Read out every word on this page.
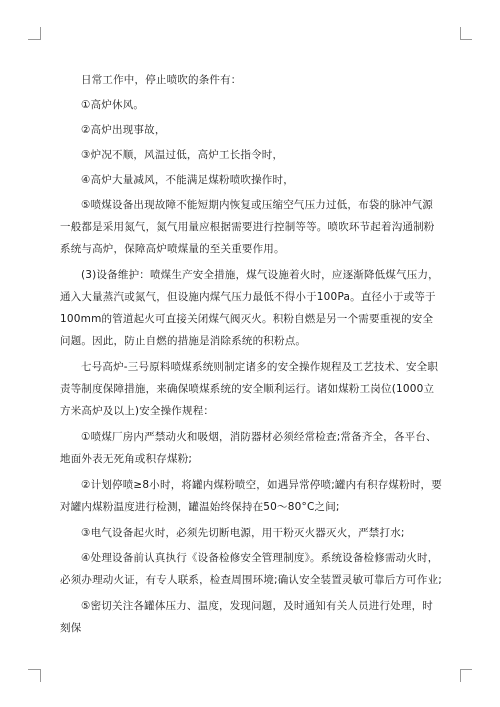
日常工作中，停止喷吹的条件有：

①高炉休风。

②高炉出现事故，

③炉况不顺，风温过低，高炉工长指令时，

④高炉大量减风，不能满足煤粉喷吹操作时，

⑤喷煤设备出现故障不能短期内恢复或压缩空气压力过低，布袋的脉冲气源一般都是采用氮气，氮气用量应根据需要进行控制等等。喷吹环节起着沟通制粉系统与高炉，保障高炉喷煤量的至关重要作用。

(3)设备维护：喷煤生产安全措施，煤气设施着火时，应逐渐降低煤气压力，通入大量蒸汽或氮气，但设施内煤气压力最低不得小于100Pa。直径小于或等于100mm的管道起火可直接关闭煤气阀灭火。积粉自燃是另一个需要重视的安全问题。因此，防止自燃的措施是消除系统的积粉点。

七号高炉-三号原料喷煤系统则制定诸多的安全操作规程及工艺技术、安全职责等制度保障措施，来确保喷煤系统的安全顺利运行。诸如煤粉工岗位(1000立方米高炉及以上)安全操作规程：

①喷煤厂房内严禁动火和吸烟，消防器材必须经常检查;常备齐全，各平台、地面外表无死角或积存煤粉;

②计划停喷≥8小时，将罐内煤粉喷空，如遇异常停喷;罐内有积存煤粉时，要对罐内煤粉温度进行检测，罐温始终保持在50～80°C之间;

③电气设备起火时，必须先切断电源，用干粉灭火器灭火，严禁打水;

④处理设备前认真执行《设备检修安全管理制度》。系统设备检修需动火时，必须办理动火证，有专人联系，检查周围环境;确认安全装置灵敏可靠后方可作业;

⑤密切关注各罐体压力、温度，发现问题，及时通知有关人员进行处理，时刻保
